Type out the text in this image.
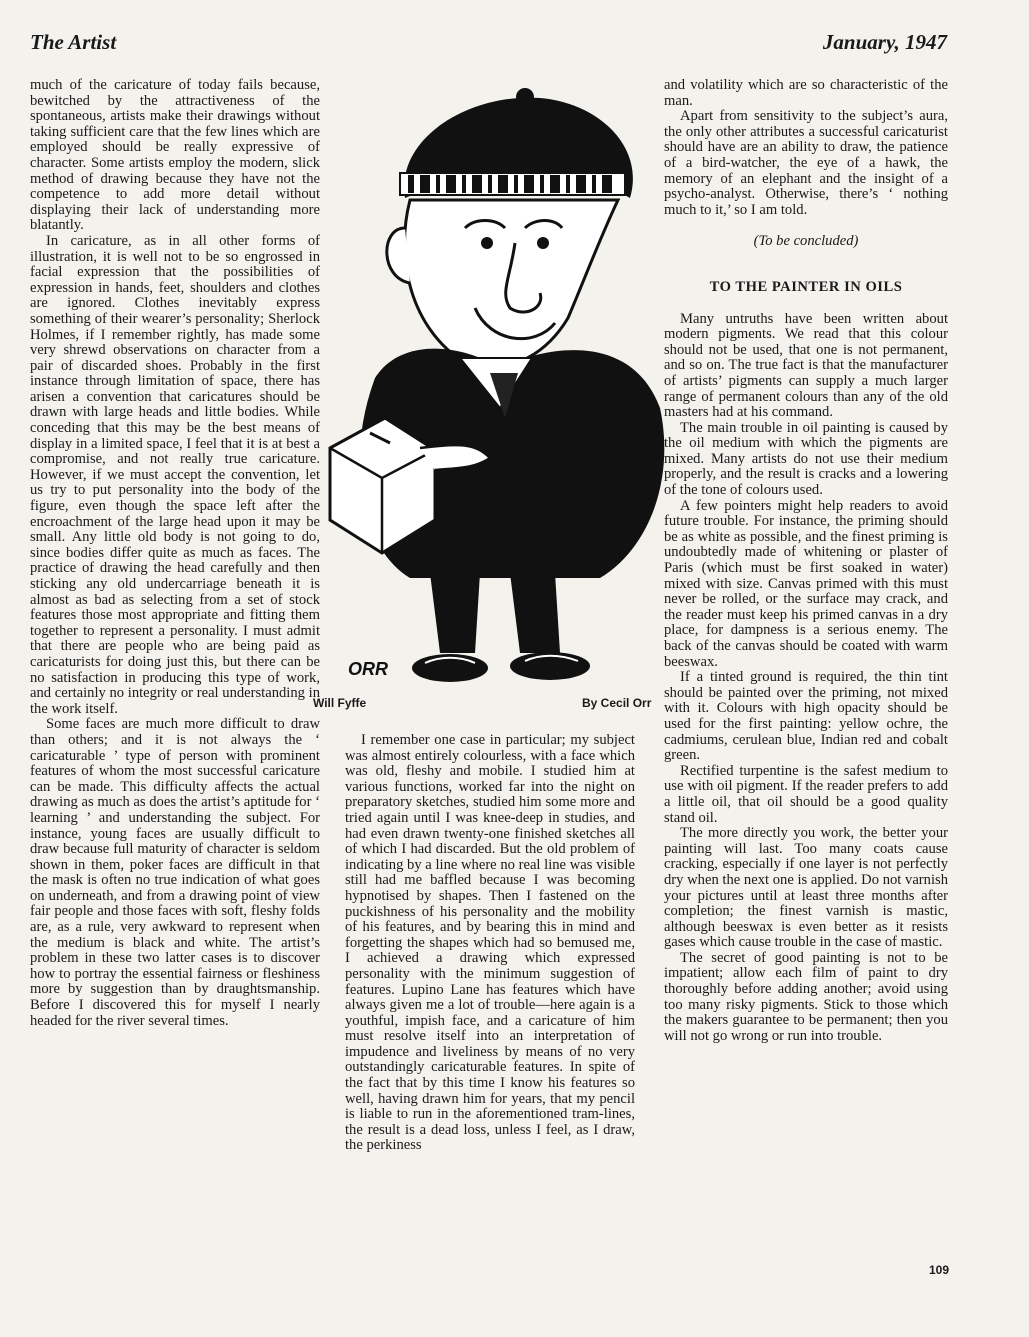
The Artist	January, 1947

much of the caricature of today fails because, bewitched by the attractiveness of the spontaneous, artists make their drawings without taking sufficient care that the few lines which are employed should be really expressive of character. Some artists employ the modern, slick method of drawing because they have not the competence to add more detail without displaying their lack of understanding more blatantly.

In caricature, as in all other forms of illustration, it is well not to be so engrossed in facial expression that the possibilities of expression in hands, feet, shoulders and clothes are ignored. Clothes inevitably express something of their wearer’s personality; Sherlock Holmes, if I remember rightly, has made some very shrewd observations on character from a pair of discarded shoes. Probably in the first instance through limitation of space, there has arisen a convention that caricatures should be drawn with large heads and little bodies. While conceding that this may be the best means of display in a limited space, I feel that it is at best a compromise, and not really true caricature. However, if we must accept the convention, let us try to put personality into the body of the figure, even though the space left after the encroachment of the large head upon it may be small. Any little old body is not going to do, since bodies differ quite as much as faces. The practice of drawing the head carefully and then sticking any old undercarriage beneath it is almost as bad as selecting from a set of stock features those most appropriate and fitting them together to represent a personality. I must admit that there are people who are being paid as caricaturists for doing just this, but there can be no satisfaction in producing this type of work, and certainly no integrity or real understanding in the work itself.

Some faces are much more difficult to draw than others; and it is not always the ‘ caricaturable ’ type of person with prominent features of whom the most successful caricature can be made. This difficulty affects the actual drawing as much as does the artist’s aptitude for ‘ learning ’ and understanding the subject. For instance, young faces are usually difficult to draw because full maturity of character is seldom shown in them, poker faces are difficult in that the mask is often no true indication of what goes on underneath, and from a drawing point of view fair people and those faces with soft, fleshy folds are, as a rule, very awkward to represent when the medium is black and white. The artist’s problem in these two latter cases is to discover how to portray the essential fairness or fleshiness more by suggestion than by draughtsmanship. Before I discovered this for myself I nearly headed for the river several times.

ORR
Will Fyffe	By Cecil Orr

I remember one case in particular; my subject was almost entirely colourless, with a face which was old, fleshy and mobile. I studied him at various functions, worked far into the night on preparatory sketches, studied him some more and tried again until I was knee-deep in studies, and had even drawn twenty-one finished sketches all of which I had discarded. But the old problem of indicating by a line where no real line was visible still had me baffled because I was becoming hypnotised by shapes. Then I fastened on the puckishness of his personality and the mobility of his features, and by bearing this in mind and forgetting the shapes which had so bemused me, I achieved a drawing which expressed personality with the minimum suggestion of features. Lupino Lane has features which have always given me a lot of trouble—here again is a youthful, impish face, and a caricature of him must resolve itself into an interpretation of impudence and liveliness by means of no very outstandingly caricaturable features. In spite of the fact that by this time I know his features so well, having drawn him for years, that my pencil is liable to run in the aforementioned tram-lines, the result is a dead loss, unless I feel, as I draw, the perkiness

and volatility which are so characteristic of the man.

Apart from sensitivity to the subject’s aura, the only other attributes a successful caricaturist should have are an ability to draw, the patience of a bird-watcher, the eye of a hawk, the memory of an elephant and the insight of a psycho-analyst. Otherwise, there’s ‘ nothing much to it,’ so I am told.

(To be concluded)

TO THE PAINTER IN OILS

Many untruths have been written about modern pigments. We read that this colour should not be used, that one is not permanent, and so on. The true fact is that the manufacturer of artists’ pigments can supply a much larger range of permanent colours than any of the old masters had at his command.

The main trouble in oil painting is caused by the oil medium with which the pigments are mixed. Many artists do not use their medium properly, and the result is cracks and a lowering of the tone of colours used.

A few pointers might help readers to avoid future trouble. For instance, the priming should be as white as possible, and the finest priming is undoubtedly made of whitening or plaster of Paris (which must be first soaked in water) mixed with size. Canvas primed with this must never be rolled, or the surface may crack, and the reader must keep his primed canvas in a dry place, for dampness is a serious enemy. The back of the canvas should be coated with warm beeswax.

If a tinted ground is required, the thin tint should be painted over the priming, not mixed with it. Colours with high opacity should be used for the first painting: yellow ochre, the cadmiums, cerulean blue, Indian red and cobalt green.

Rectified turpentine is the safest medium to use with oil pigment. If the reader prefers to add a little oil, that oil should be a good quality stand oil.

The more directly you work, the better your painting will last. Too many coats cause cracking, especially if one layer is not perfectly dry when the next one is applied. Do not varnish your pictures until at least three months after completion; the finest varnish is mastic, although beeswax is even better as it resists gases which cause trouble in the case of mastic.

The secret of good painting is not to be impatient; allow each film of paint to dry thoroughly before adding another; avoid using too many risky pigments. Stick to those which the makers guarantee to be permanent; then you will not go wrong or run into trouble.

109
